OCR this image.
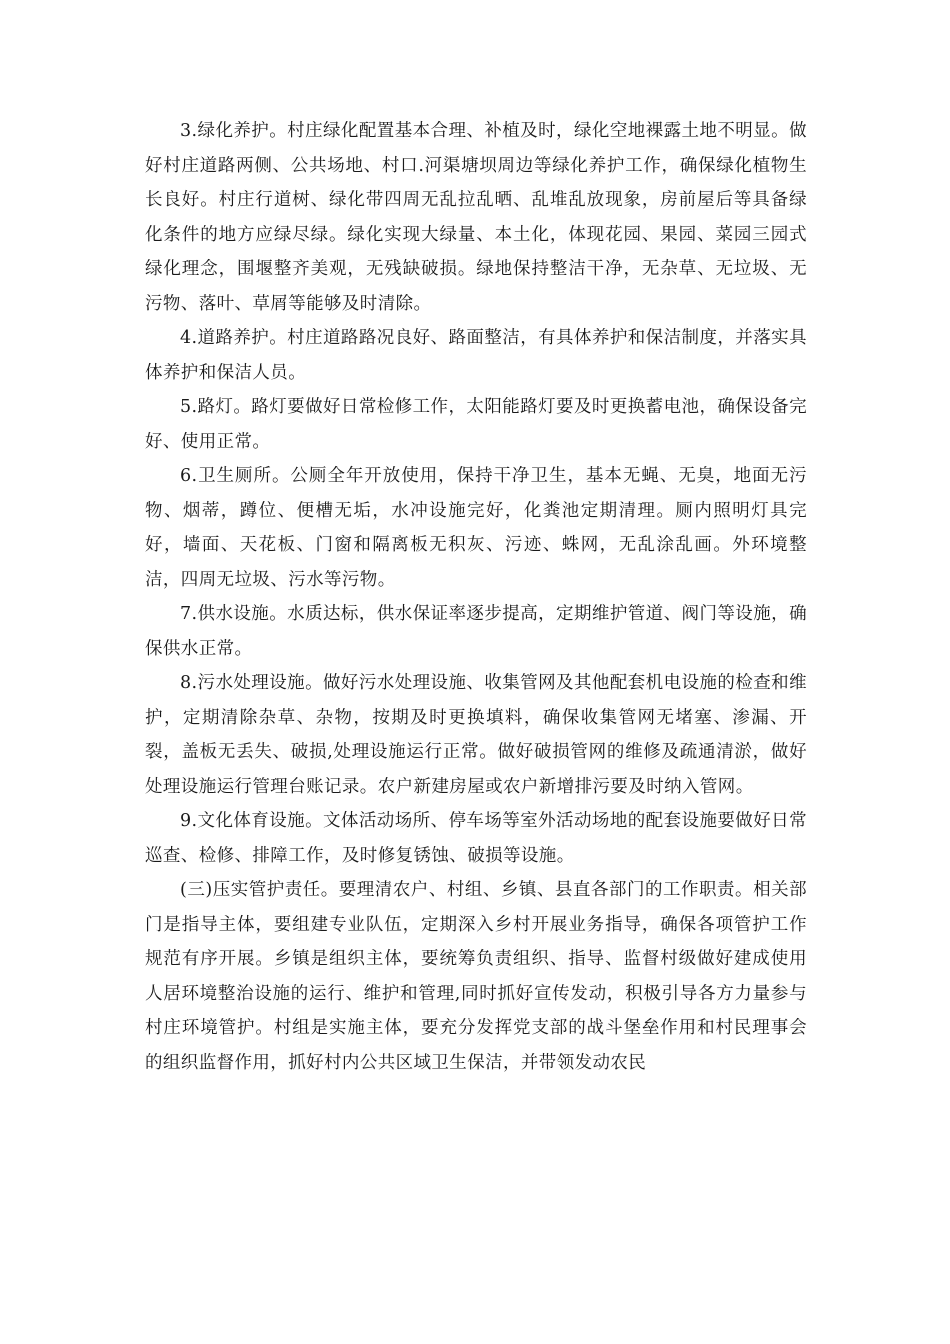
3.绿化养护。村庄绿化配置基本合理、补植及时，绿化空地裸露土地不明显。做好村庄道路两侧、公共场地、村口.河渠塘坝周边等绿化养护工作，确保绿化植物生长良好。村庄行道树、绿化带四周无乱拉乱晒、乱堆乱放现象，房前屋后等具备绿化条件的地方应绿尽绿。绿化实现大绿量、本土化，体现花园、果园、菜园三园式绿化理念，围堰整齐美观，无残缺破损。绿地保持整洁干净，无杂草、无垃圾、无污物、落叶、草屑等能够及时清除。

4.道路养护。村庄道路路况良好、路面整洁，有具体养护和保洁制度，并落实具体养护和保洁人员。

5.路灯。路灯要做好日常检修工作，太阳能路灯要及时更换蓄电池，确保设备完好、使用正常。

6.卫生厕所。公厕全年开放使用，保持干净卫生，基本无蝇、无臭，地面无污物、烟蒂，蹲位、便槽无垢，水冲设施完好，化粪池定期清理。厕内照明灯具完好，墙面、天花板、门窗和隔离板无积灰、污迹、蛛网，无乱涂乱画。外环境整洁，四周无垃圾、污水等污物。

7.供水设施。水质达标，供水保证率逐步提高，定期维护管道、阀门等设施，确保供水正常。

8.污水处理设施。做好污水处理设施、收集管网及其他配套机电设施的检查和维护，定期清除杂草、杂物，按期及时更换填料，确保收集管网无堵塞、渗漏、开裂，盖板无丢失、破损,处理设施运行正常。做好破损管网的维修及疏通清淤，做好处理设施运行管理台账记录。农户新建房屋或农户新增排污要及时纳入管网。

9.文化体育设施。文体活动场所、停车场等室外活动场地的配套设施要做好日常巡查、检修、排障工作，及时修复锈蚀、破损等设施。

(三)压实管护责任。要理清农户、村组、乡镇、县直各部门的工作职责。相关部门是指导主体，要组建专业队伍，定期深入乡村开展业务指导，确保各项管护工作规范有序开展。乡镇是组织主体，要统筹负责组织、指导、监督村级做好建成使用人居环境整治设施的运行、维护和管理,同时抓好宣传发动，积极引导各方力量参与村庄环境管护。村组是实施主体，要充分发挥党支部的战斗堡垒作用和村民理事会的组织监督作用，抓好村内公共区域卫生保洁，并带领发动农民
